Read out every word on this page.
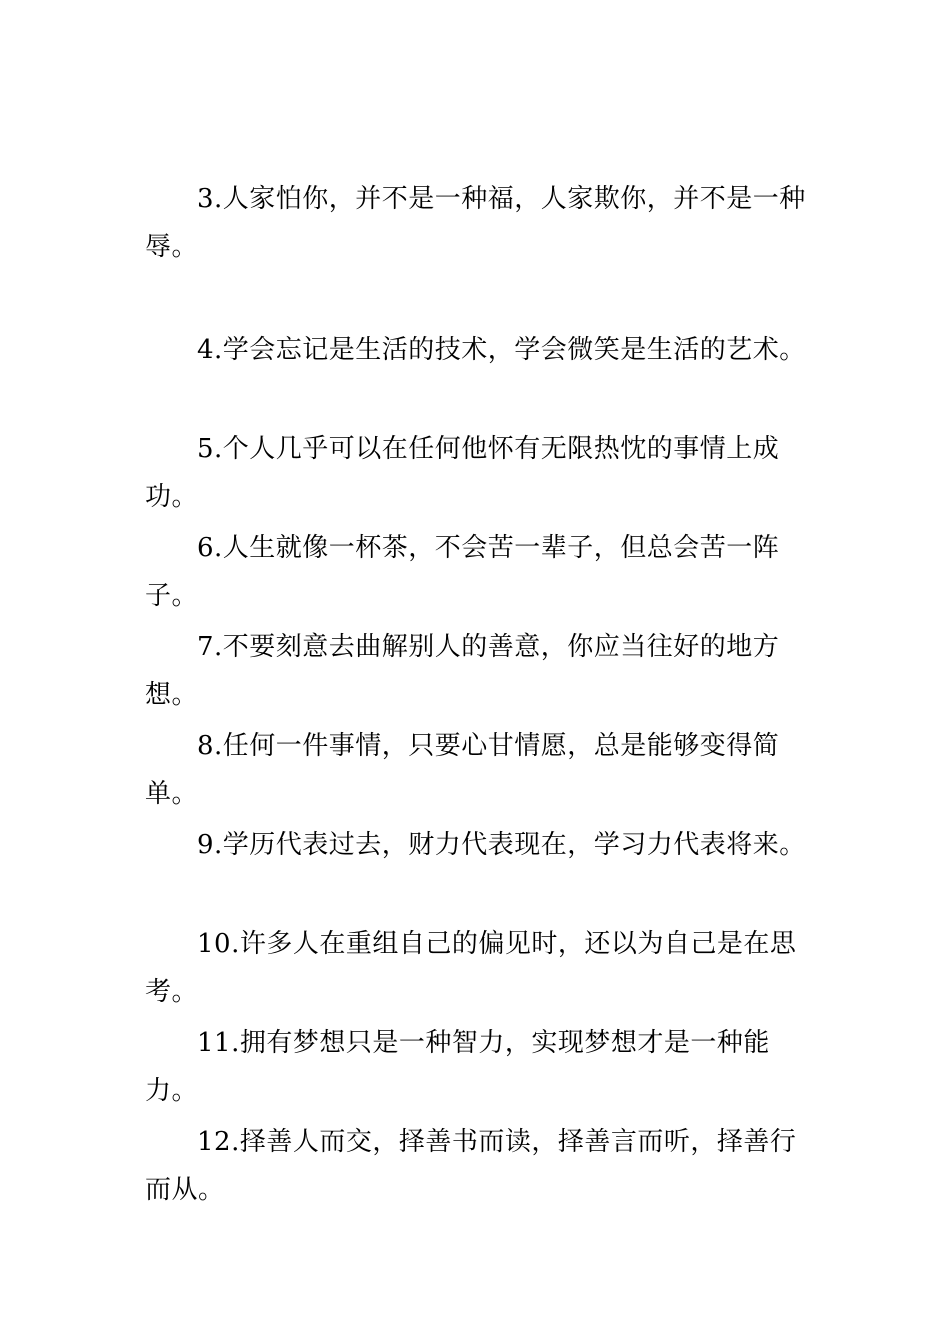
3.人家怕你，并不是一种福，人家欺你，并不是一种辱。

4.学会忘记是生活的技术，学会微笑是生活的艺术。

5.个人几乎可以在任何他怀有无限热忱的事情上成功。

6.人生就像一杯茶，不会苦一辈子，但总会苦一阵子。

7.不要刻意去曲解别人的善意，你应当往好的地方想。

8.任何一件事情，只要心甘情愿，总是能够变得简单。

9.学历代表过去，财力代表现在，学习力代表将来。

10.许多人在重组自己的偏见时，还以为自己是在思考。

11.拥有梦想只是一种智力，实现梦想才是一种能力。

12.择善人而交，择善书而读，择善言而听，择善行而从。
